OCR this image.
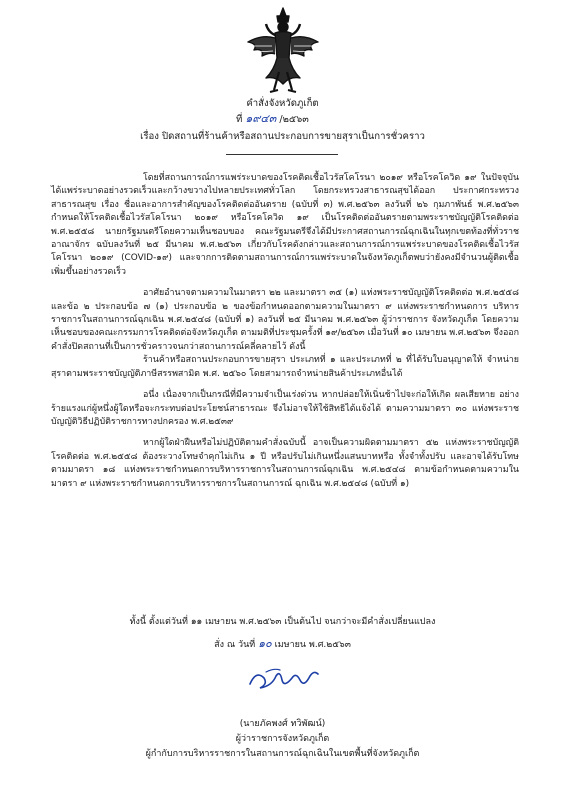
คำสั่งจังหวัดภูเก็ต
ที่ ๑๙๔๓ /๒๕๖๓
เรื่อง ปิดสถานที่ร้านค้าหรือสถานประกอบการขายสุราเป็นการชั่วคราว

โดยที่สถานการณ์การแพร่ระบาดของโรคติดเชื้อไวรัสโคโรนา ๒๐๑๙ หรือโรคโควิด ๑๙ ในปัจจุบันได้แพร่ระบาดอย่างรวดเร็วและกว้างขวางไปหลายประเทศทั่วโลก โดยกระทรวงสาธารณสุขได้ออก ประกาศกระทรวงสาธารณสุข เรื่อง ชื่อและอาการสำคัญของโรคติดต่ออันตราย (ฉบับที่ ๓) พ.ศ.๒๕๖๓ ลงวันที่ ๒๖ กุมภาพันธ์ พ.ศ.๒๕๖๓ กำหนดให้โรคติดเชื้อไวรัสโคโรนา ๒๐๑๙ หรือโรคโควิด ๑๙ เป็นโรคติดต่ออันตรายตามพระราชบัญญัติโรคติดต่อ พ.ศ.๒๕๕๘ นายกรัฐมนตรีโดยความเห็นชอบของ คณะรัฐมนตรีจึงได้มีประกาศสถานการณ์ฉุกเฉินในทุกเขตท้องที่ทั่วราชอาณาจักร ฉบับลงวันที่ ๒๕ มีนาคม พ.ศ.๒๕๖๓ เกี่ยวกับโรคดังกล่าวและสถานการณ์การแพร่ระบาดของโรคติดเชื้อไวรัสโคโรนา ๒๐๑๙ (COVID-๑๙) และจากการติดตามสถานการณ์การแพร่ระบาดในจังหวัดภูเก็ตพบว่ายังคงมีจำนวนผู้ติดเชื้อ เพิ่มขึ้นอย่างรวดเร็ว

อาศัยอำนาจตามความในมาตรา ๒๒ และมาตรา ๓๕ (๑) แห่งพระราชบัญญัติโรคติดต่อ พ.ศ.๒๕๕๘ และข้อ ๒ ประกอบข้อ ๗ (๑) ประกอบข้อ ๒ ของข้อกำหนดออกตามความในมาตรา ๙ แห่งพระราชกำหนดการ บริหารราชการในสถานการณ์ฉุกเฉิน พ.ศ.๒๕๔๘ (ฉบับที่ ๑) ลงวันที่ ๒๕ มีนาคม พ.ศ.๒๕๖๓ ผู้ว่าราชการ จังหวัดภูเก็ต โดยความเห็นชอบของคณะกรรมการโรคติดต่อจังหวัดภูเก็ต ตามมติที่ประชุมครั้งที่ ๑๙/๒๕๖๓ เมื่อวันที่ ๑๐ เมษายน พ.ศ.๒๕๖๓ จึงออกคำสั่งปิดสถานที่เป็นการชั่วคราวจนกว่าสถานการณ์คลี่คลายไว้ ดังนี้

ร้านค้าหรือสถานประกอบการขายสุรา ประเภทที่ ๑ และประเภทที่ ๒ ที่ได้รับใบอนุญาตให้ จำหน่ายสุราตามพระราชบัญญัติภาษีสรรพสามิต พ.ศ. ๒๕๖๐ โดยสามารถจำหน่ายสินค้าประเภทอื่นได้

อนึ่ง เนื่องจากเป็นกรณีที่มีความจำเป็นเร่งด่วน หากปล่อยให้เนิ่นช้าไปจะก่อให้เกิด ผลเสียหาย อย่างร้ายแรงแก่ผู้หนึ่งผู้ใดหรือจะกระทบต่อประโยชน์สาธารณะ จึงไม่อาจให้ใช้สิทธิได้แจ้งได้ ตามความมาตรา ๓๐ แห่งพระราชบัญญัติวิธีปฏิบัติราชการทางปกครอง พ.ศ.๒๕๓๙

หากผู้ใดฝ่าฝืนหรือไม่ปฏิบัติตามคำสั่งฉบับนี้ อาจเป็นความผิดตามมาตรา ๕๒ แห่งพระราชบัญญัติโรคติดต่อ พ.ศ.๒๕๕๘ ต้องระวางโทษจำคุกไม่เกิน ๑ ปี หรือปรับไม่เกินหนึ่งแสนบาทหรือ ทั้งจำทั้งปรับ และอาจได้รับโทษตามมาตรา ๑๘ แห่งพระราชกำหนดการบริหารราชการในสถานการณ์ฉุกเฉิน พ.ศ.๒๕๔๘ ตามข้อกำหนดตามความในมาตรา ๙ แห่งพระราชกำหนดการบริหารราชการในสถานการณ์ ฉุกเฉิน พ.ศ.๒๕๔๘ (ฉบับที่ ๑)

ทั้งนี้ ตั้งแต่วันที่ ๑๑ เมษายน พ.ศ.๒๕๖๓ เป็นต้นไป จนกว่าจะมีคำสั่งเปลี่ยนแปลง
สั่ง ณ วันที่ ๑๐ เมษายน พ.ศ.๒๕๖๓
(นายภัคพงศ์ ทวิพัฒน์)
ผู้ว่าราชการจังหวัดภูเก็ต
ผู้กำกับการบริหารราชการในสถานการณ์ฉุกเฉินในเขตพื้นที่จังหวัดภูเก็ต
